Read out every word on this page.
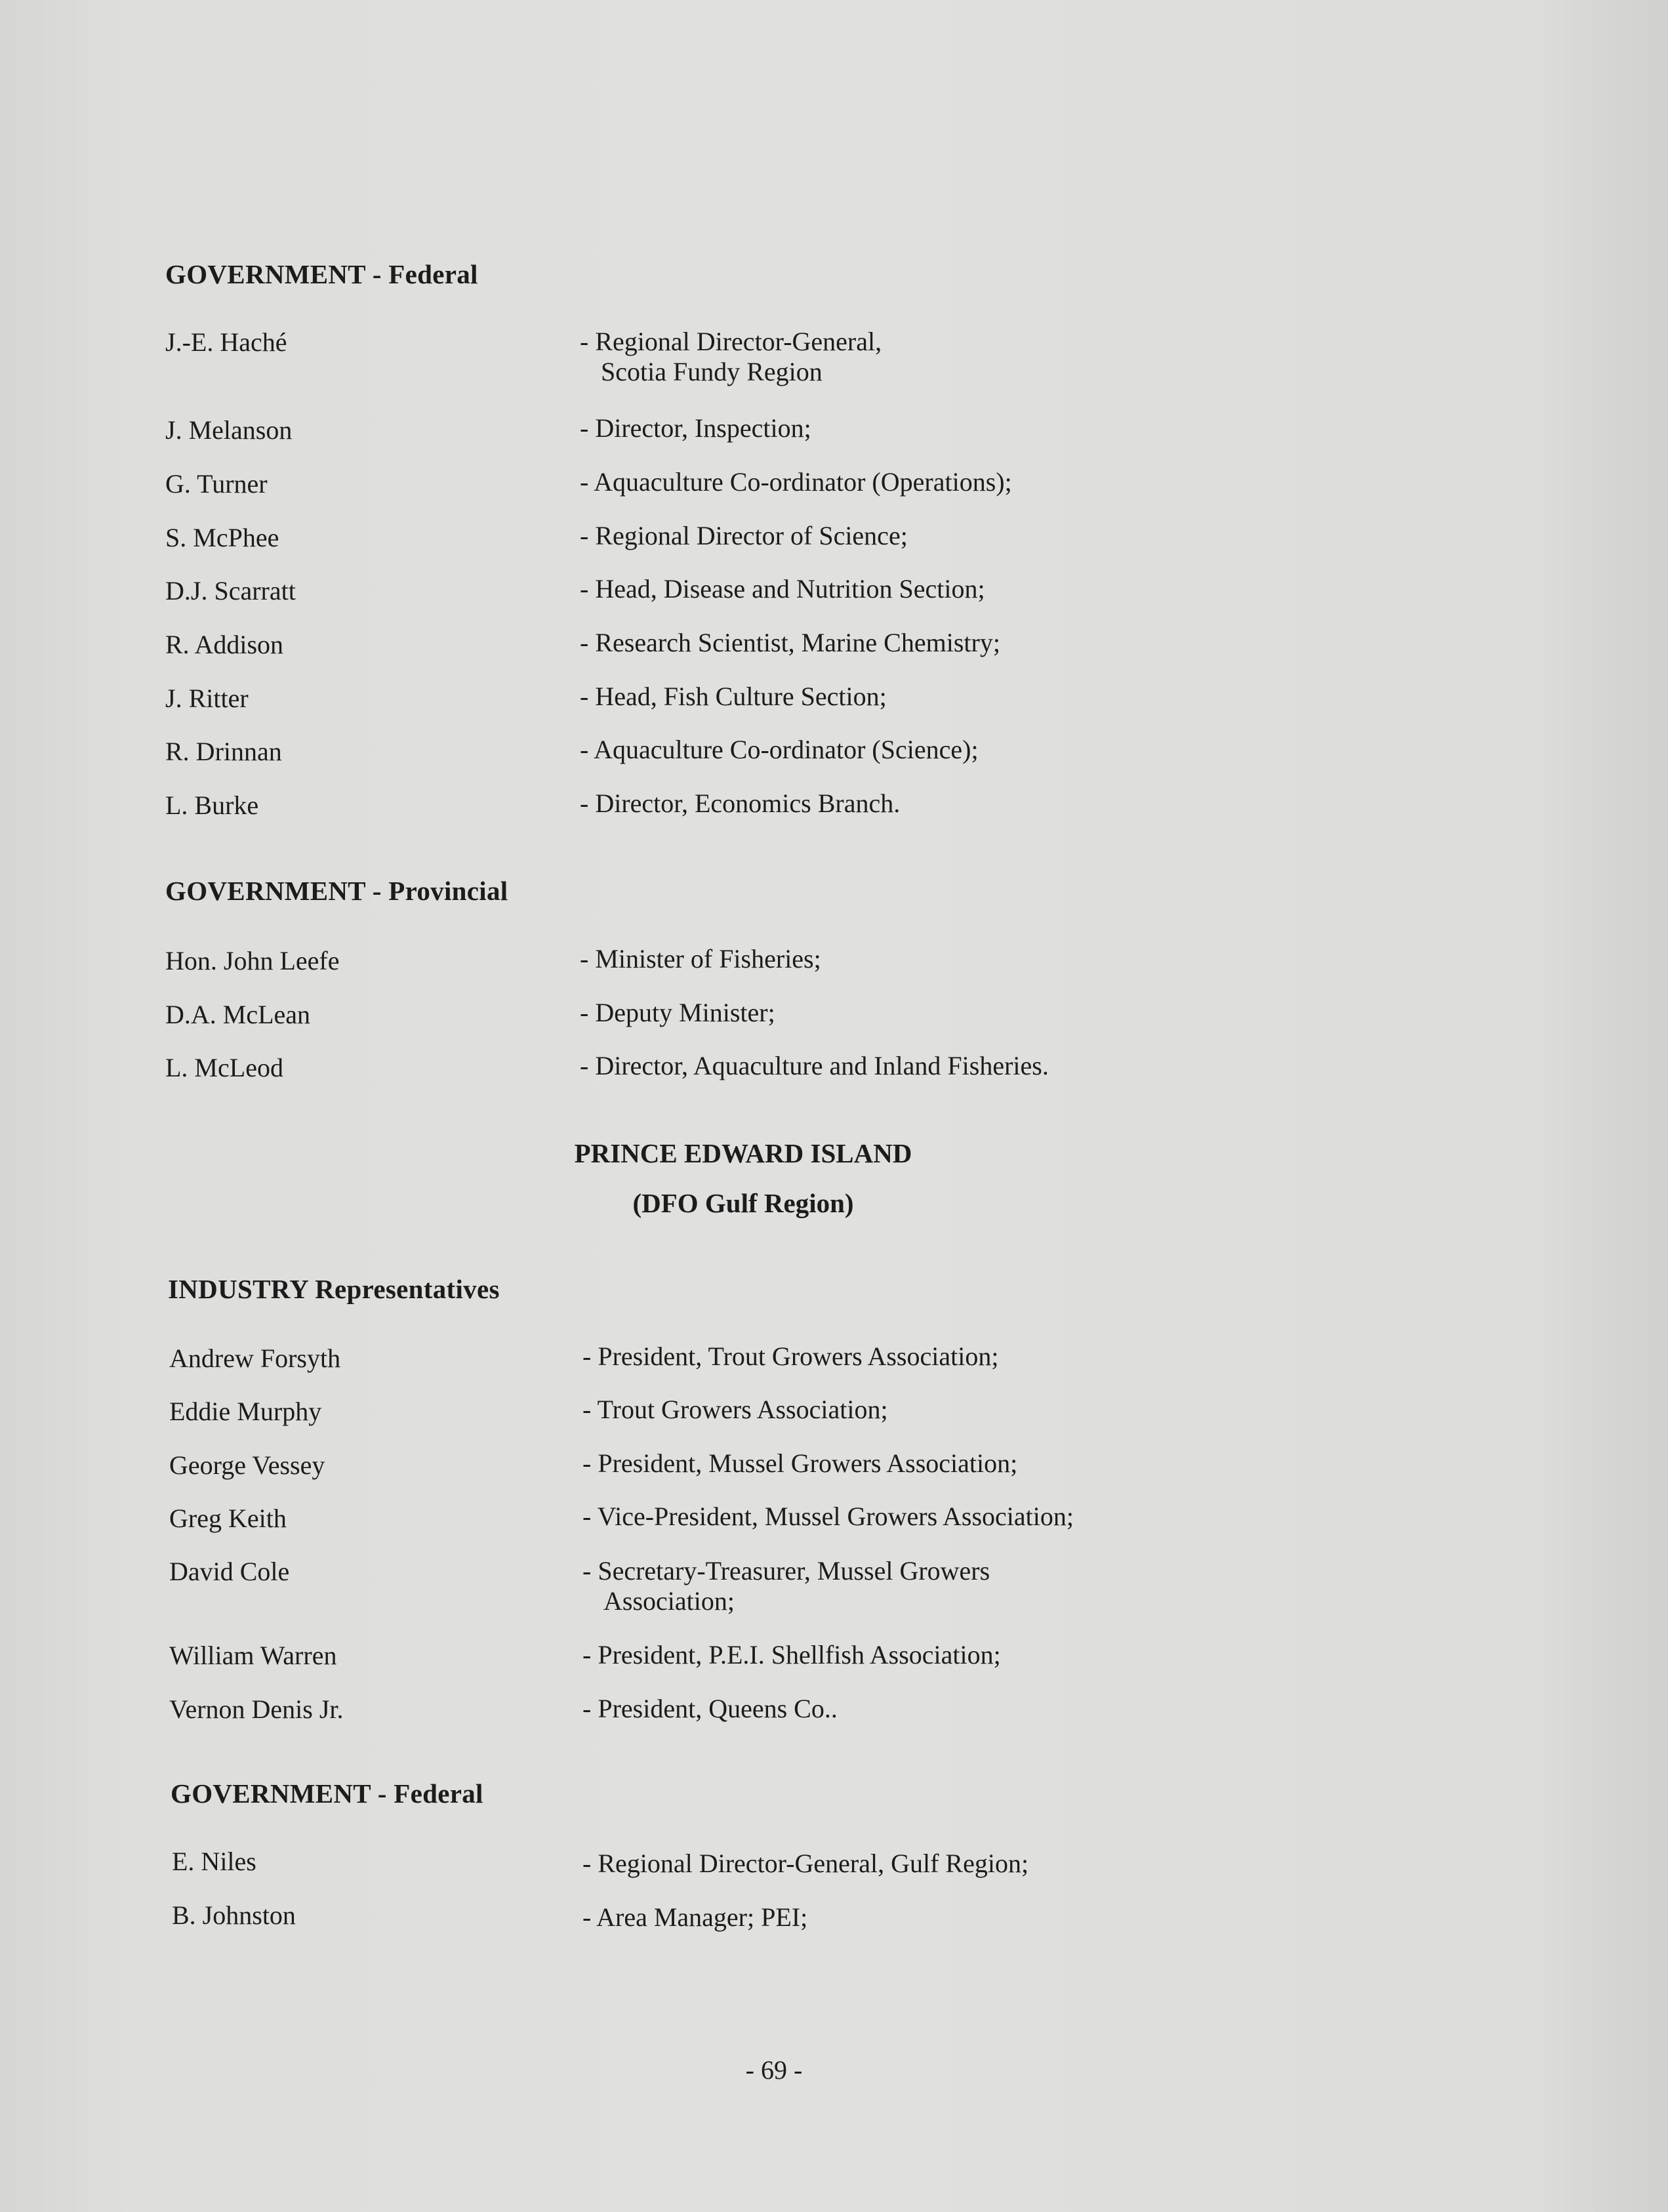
GOVERNMENT - Federal
J.-E. Haché	- Regional Director-General,
Scotia Fundy Region
J. Melanson	- Director, Inspection;
G. Turner	- Aquaculture Co-ordinator (Operations);
S. McPhee	- Regional Director of Science;
D.J. Scarratt	- Head, Disease and Nutrition Section;
R. Addison	- Research Scientist, Marine Chemistry;
J. Ritter	- Head, Fish Culture Section;
R. Drinnan	- Aquaculture Co-ordinator (Science);
L. Burke	- Director, Economics Branch.
GOVERNMENT - Provincial
Hon. John Leefe	- Minister of Fisheries;
D.A. McLean	- Deputy Minister;
L. McLeod	- Director, Aquaculture and Inland Fisheries.
PRINCE EDWARD ISLAND
(DFO Gulf Region)
INDUSTRY Representatives
Andrew Forsyth	- President, Trout Growers Association;
Eddie Murphy	- Trout Growers Association;
George Vessey	- President, Mussel Growers Association;
Greg Keith	- Vice-President, Mussel Growers Association;
David Cole	- Secretary-Treasurer, Mussel Growers
Association;
William Warren	- President, P.E.I. Shellfish Association;
Vernon Denis Jr.	- President, Queens Co..
GOVERNMENT - Federal
E. Niles	- Regional Director-General, Gulf Region;
B. Johnston	- Area Manager; PEI;
- 69 -
